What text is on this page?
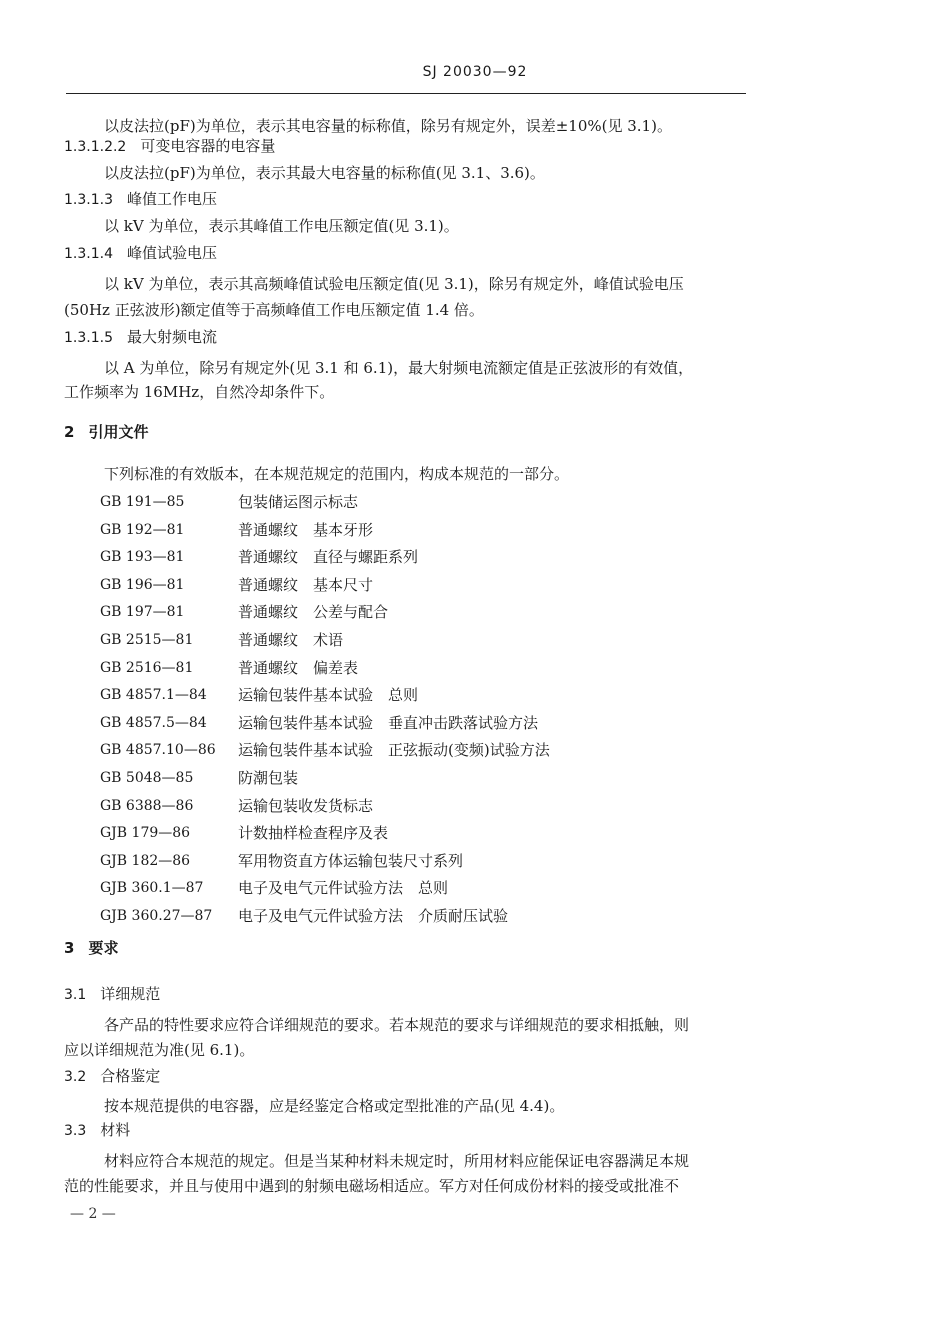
SJ 20030—92
以皮法拉(pF)为单位，表示其电容量的标称值，除另有规定外，误差±10%(见 3.1)。
1.3.1.2.2 可变电容器的电容量
以皮法拉(pF)为单位，表示其最大电容量的标称值(见 3.1、3.6)。
1.3.1.3 峰值工作电压
以 kV 为单位，表示其峰值工作电压额定值(见 3.1)。
1.3.1.4 峰值试验电压
以 kV 为单位，表示其高频峰值试验电压额定值(见 3.1)，除另有规定外，峰值试验电压
(50Hz 正弦波形)额定值等于高频峰值工作电压额定值 1.4 倍。
1.3.1.5 最大射频电流
以 A 为单位，除另有规定外(见 3.1 和 6.1)，最大射频电流额定值是正弦波形的有效值，
工作频率为 16MHz，自然冷却条件下。
2 引用文件
下列标准的有效版本，在本规范规定的范围内，构成本规范的一部分。
GB 191—85	包装储运图示标志
GB 192—81	普通螺纹　基本牙形
GB 193—81	普通螺纹　直径与螺距系列
GB 196—81	普通螺纹　基本尺寸
GB 197—81	普通螺纹　公差与配合
GB 2515—81	普通螺纹　术语
GB 2516—81	普通螺纹　偏差表
GB 4857.1—84 运输包装件基本试验　总则
GB 4857.5—84 运输包装件基本试验　垂直冲击跌落试验方法
GB 4857.10—86 运输包装件基本试验　正弦振动(变频)试验方法
GB 5048—85	防潮包装
GB 6388—86	运输包装收发货标志
GJB 179—86	计数抽样检查程序及表
GJB 182—86	军用物资直方体运输包装尺寸系列
GJB 360.1—87 电子及电气元件试验方法　总则
GJB 360.27—87 电子及电气元件试验方法　介质耐压试验
3 要求
3.1 详细规范
各产品的特性要求应符合详细规范的要求。若本规范的要求与详细规范的要求相抵触，则
应以详细规范为准(见 6.1)。
3.2 合格鉴定
按本规范提供的电容器，应是经鉴定合格或定型批准的产品(见 4.4)。
3.3 材料
材料应符合本规范的规定。但是当某种材料未规定时，所用材料应能保证电容器满足本规
范的性能要求，并且与使用中遇到的射频电磁场相适应。军方对任何成份材料的接受或批准不
— 2 —
